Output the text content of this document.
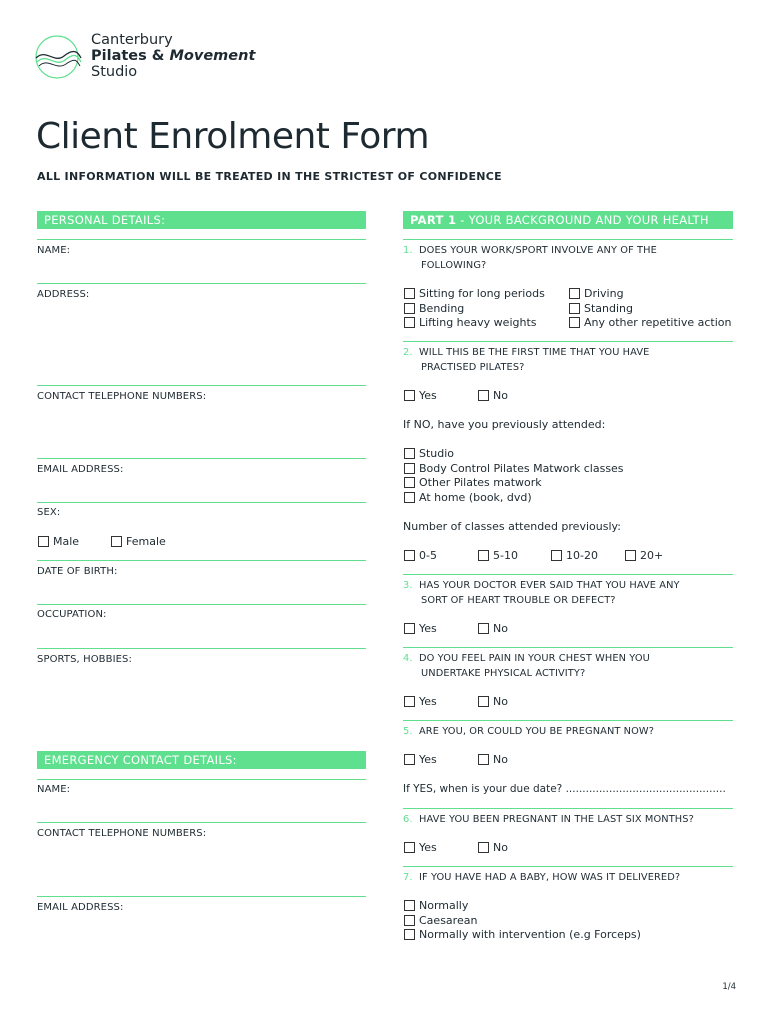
Canterbury
Pilates & Movement
Studio
Client Enrolment Form
ALL INFORMATION WILL BE TREATED IN THE STRICTEST OF CONFIDENCE
PERSONAL DETAILS:
NAME:
ADDRESS:
CONTACT TELEPHONE NUMBERS:
EMAIL ADDRESS:
SEX:
Male	Female
DATE OF BIRTH:
OCCUPATION:
SPORTS, HOBBIES:
EMERGENCY CONTACT DETAILS:
NAME:
CONTACT TELEPHONE NUMBERS:
EMAIL ADDRESS:
PART 1 - YOUR BACKGROUND AND YOUR HEALTH
1. DOES YOUR WORK/SPORT INVOLVE ANY OF THE
FOLLOWING?
Sitting for long periods
Bending
Lifting heavy weights
Driving
Standing
Any other repetitive action
2. WILL THIS BE THE FIRST TIME THAT YOU HAVE
PRACTISED PILATES?
Yes	No
If NO, have you previously attended:
Studio
Body Control Pilates Matwork classes
Other Pilates matwork
At home (book, dvd)
Number of classes attended previously:
0-5	5-10	10-20	20+
3. HAS YOUR DOCTOR EVER SAID THAT YOU HAVE ANY
SORT OF HEART TROUBLE OR DEFECT?
Yes	No
4. DO YOU FEEL PAIN IN YOUR CHEST WHEN YOU
UNDERTAKE PHYSICAL ACTIVITY?
Yes	No
5. ARE YOU, OR COULD YOU BE PREGNANT NOW?
Yes	No
If YES, when is your due date? ................................................
6. HAVE YOU BEEN PREGNANT IN THE LAST SIX MONTHS?
Yes	No
7. IF YOU HAVE HAD A BABY, HOW WAS IT DELIVERED?
Normally
Caesarean
Normally with intervention (e.g Forceps)
1/4
